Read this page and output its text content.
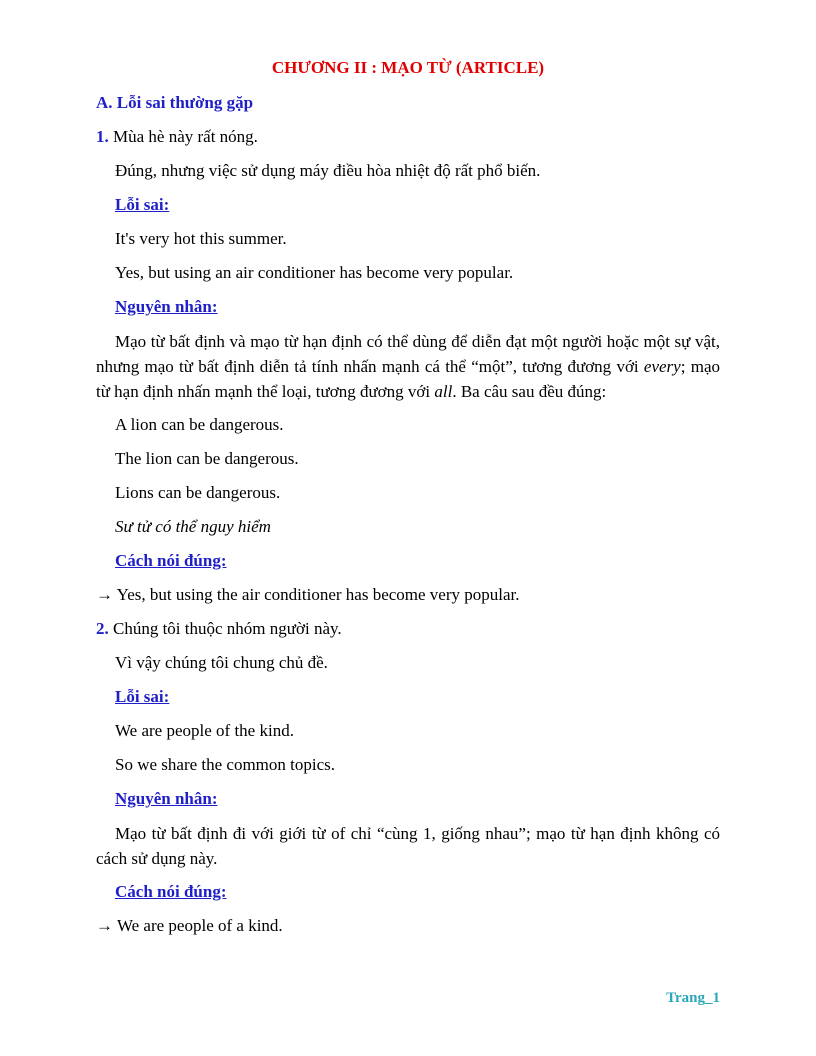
CHƯƠNG II : MẠO TỪ (ARTICLE)
A. Lỗi sai thường gặp
1. Mùa hè này rất nóng.
Đúng, nhưng việc sử dụng máy điều hòa nhiệt độ rất phổ biến.
Lỗi sai:
It's very hot this summer.
Yes, but using an air conditioner has become very popular.
Nguyên nhân:
Mạo từ bất định và mạo từ hạn định có thể dùng để diễn đạt một người hoặc một sự vật, nhưng mạo từ bất định diễn tả tính nhấn mạnh cá thể “một”, tương đương với every; mạo từ hạn định nhấn mạnh thể loại, tương đương với all. Ba câu sau đều đúng:
A lion can be dangerous.
The lion can be dangerous.
Lions can be dangerous.
Sư tử có thể nguy hiểm
Cách nói đúng:
→ Yes, but using the air conditioner has become very popular.
2. Chúng tôi thuộc nhóm người này.
Vì vậy chúng tôi chung chủ đề.
Lỗi sai:
We are people of the kind.
So we share the common topics.
Nguyên nhân:
Mạo từ bất định đi với giới từ of chỉ “cùng 1, giống nhau”; mạo từ hạn định không có cách sử dụng này.
Cách nói đúng:
→ We are people of a kind.
Trang_1
